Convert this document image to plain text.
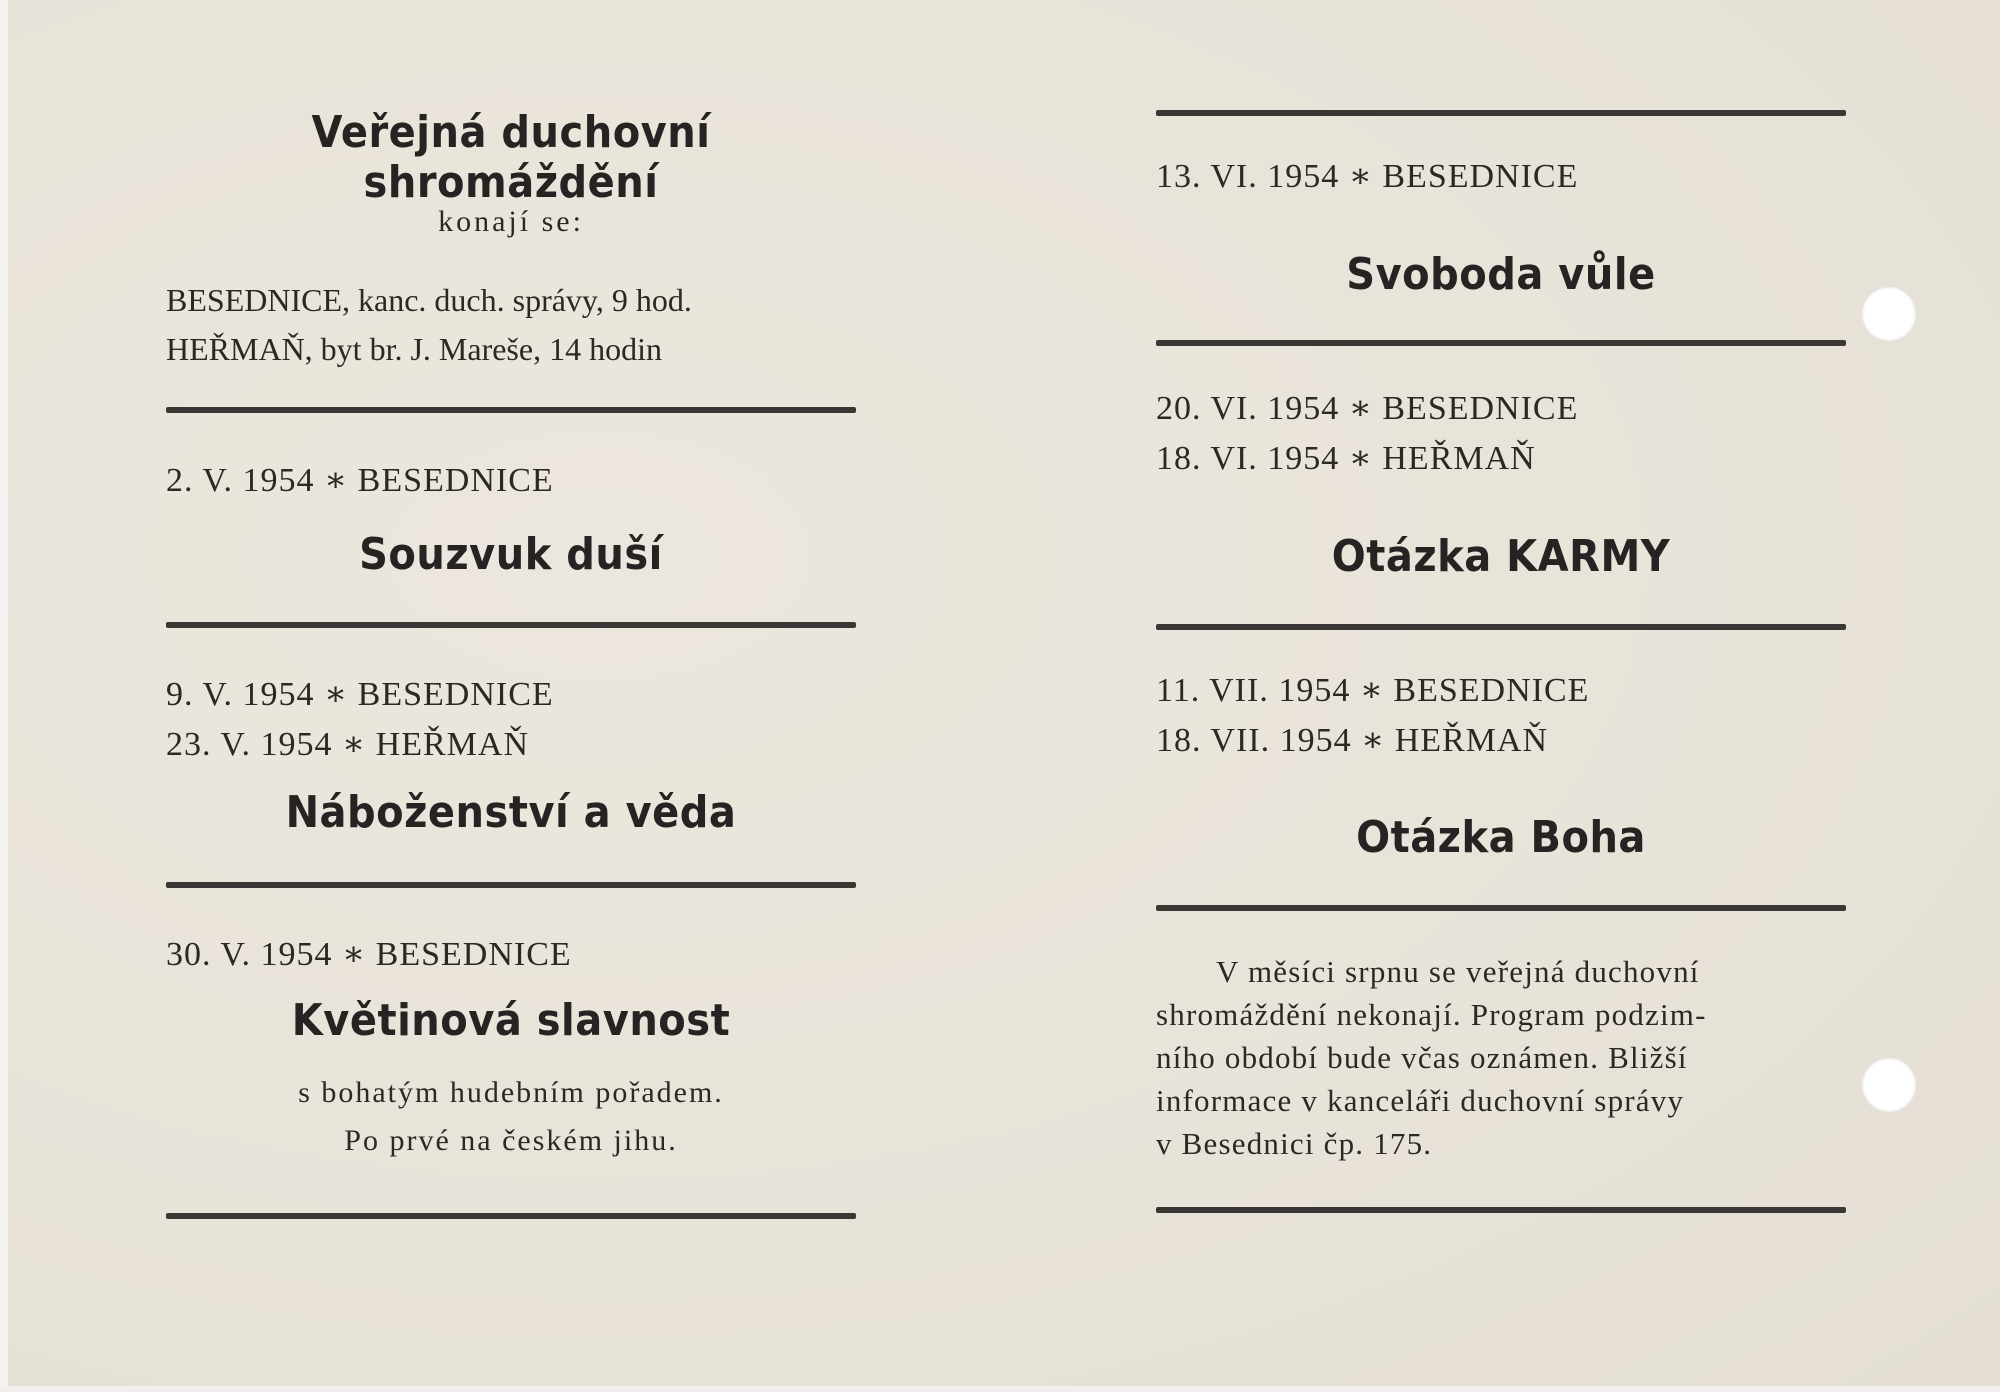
Veřejná duchovní shromáždění
konají se:
BESEDNICE, kanc. duch. správy, 9 hod.
HEŘMAŇ, byt br. J. Mareše, 14 hodin
2. V. 1954 ∗ BESEDNICE
Souzvuk duší
9. V. 1954 ∗ BESEDNICE
23. V. 1954 ∗ HEŘMAŇ
Náboženství a věda
30. V. 1954 ∗ BESEDNICE
Květinová slavnost
s bohatým hudebním pořadem.
Po prvé na českém jihu.
13. VI. 1954 ∗ BESEDNICE
Svoboda vůle
20. VI. 1954 ∗ BESEDNICE
18. VI. 1954 ∗ HEŘMAŇ
Otázka KARMY
11. VII. 1954 ∗ BESEDNICE
18. VII. 1954 ∗ HEŘMAŇ
Otázka Boha
V měsíci srpnu se veřejná duchovní
shromáždění nekonají. Program podzim-
ního období bude včas oznámen. Bližší
informace v kanceláři duchovní správy
v Besednici čp. 175.
